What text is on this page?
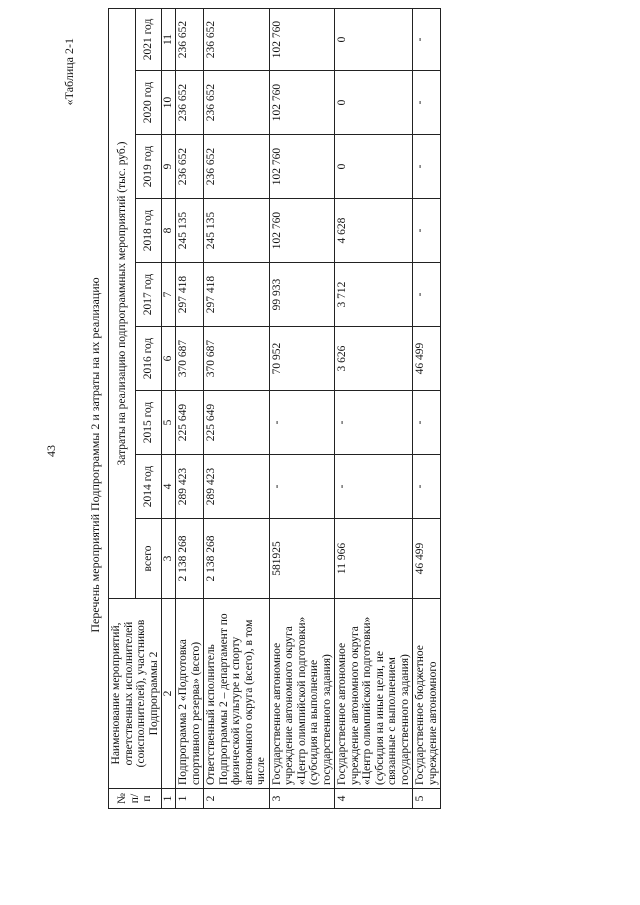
43
«Таблица 2-1
Перечень мероприятий Подпрограммы 2 и затраты на их реализацию
№ п/п	Наименование мероприятий, ответственных исполнителей (соисполнителей), участников Подпрограммы 2	Затраты на реализацию подпрограммных мероприятий (тыс. руб.)								
		всего	2014 год	2015 год	2016 год	2017 год	2018 год	2019 год	2020 год	2021 год
1	2	3	4	5	6	7	8	9	10	11
1	Подпрограмма 2 «Подготовка спортивного резерва» (всего)	2 138 268	289 423	225 649	370 687	297 418	245 135	236 652	236 652	236 652
2	Ответственный исполнитель Подпрограммы 2 – департамент по физической культуре и спорту автономного округа (всего), в том числе	2 138 268	289 423	225 649	370 687	297 418	245 135	236 652	236 652	236 652
3	Государственное автономное учреждение автономного округа «Центр олимпийской подготовки» (субсидия на выполнение государственного задания)	581925	-	-	70 952	99 933	102 760	102 760	102 760	102 760
4	Государственное автономное учреждение автономного округа «Центр олимпийской подготовки» (субсидия на иные цели, не связанные с выполнением государственного задания)	11 966	-	-	3 626	3 712	4 628	0	0	0
5	Государственное бюджетное учреждение автономного	46 499	-	-	46 499	-	-	-	-	-
